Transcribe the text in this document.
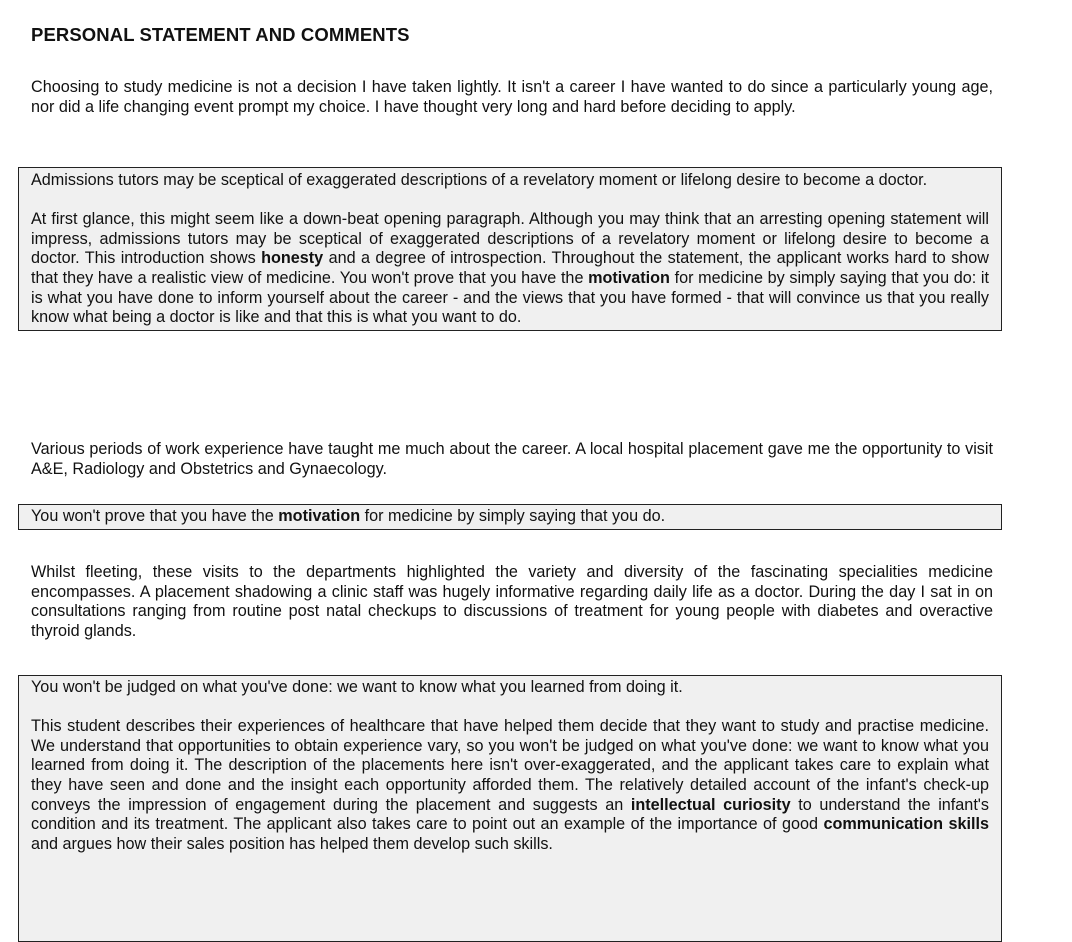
PERSONAL STATEMENT AND COMMENTS

Choosing to study medicine is not a decision I have taken lightly. It isn't a career I have wanted to do since a particularly young age, nor did a life changing event prompt my choice. I have thought very long and hard before deciding to apply.

Admissions tutors may be sceptical of exaggerated descriptions of a revelatory moment or lifelong desire to become a doctor.

At first glance, this might seem like a down-beat opening paragraph. Although you may think that an arresting opening statement will impress, admissions tutors may be sceptical of exaggerated descriptions of a revelatory moment or lifelong desire to become a doctor. This introduction shows honesty and a degree of introspection. Throughout the statement, the applicant works hard to show that they have a realistic view of medicine. You won't prove that you have the motivation for medicine by simply saying that you do: it is what you have done to inform yourself about the career - and the views that you have formed - that will convince us that you really know what being a doctor is like and that this is what you want to do.

Various periods of work experience have taught me much about the career. A local hospital placement gave me the opportunity to visit A&E, Radiology and Obstetrics and Gynaecology.

You won't prove that you have the motivation for medicine by simply saying that you do.

Whilst fleeting, these visits to the departments highlighted the variety and diversity of the fascinating specialities medicine encompasses. A placement shadowing a clinic staff was hugely informative regarding daily life as a doctor. During the day I sat in on consultations ranging from routine post natal checkups to discussions of treatment for young people with diabetes and overactive thyroid glands.

You won't be judged on what you've done: we want to know what you learned from doing it.

This student describes their experiences of healthcare that have helped them decide that they want to study and practise medicine. We understand that opportunities to obtain experience vary, so you won't be judged on what you've done: we want to know what you learned from doing it. The description of the placements here isn't over-exaggerated, and the applicant takes care to explain what they have seen and done and the insight each opportunity afforded them. The relatively detailed account of the infant's check-up conveys the impression of engagement during the placement and suggests an intellectual curiosity to understand the infant's condition and its treatment. The applicant also takes care to point out an example of the importance of good communication skills and argues how their sales position has helped them develop such skills.
